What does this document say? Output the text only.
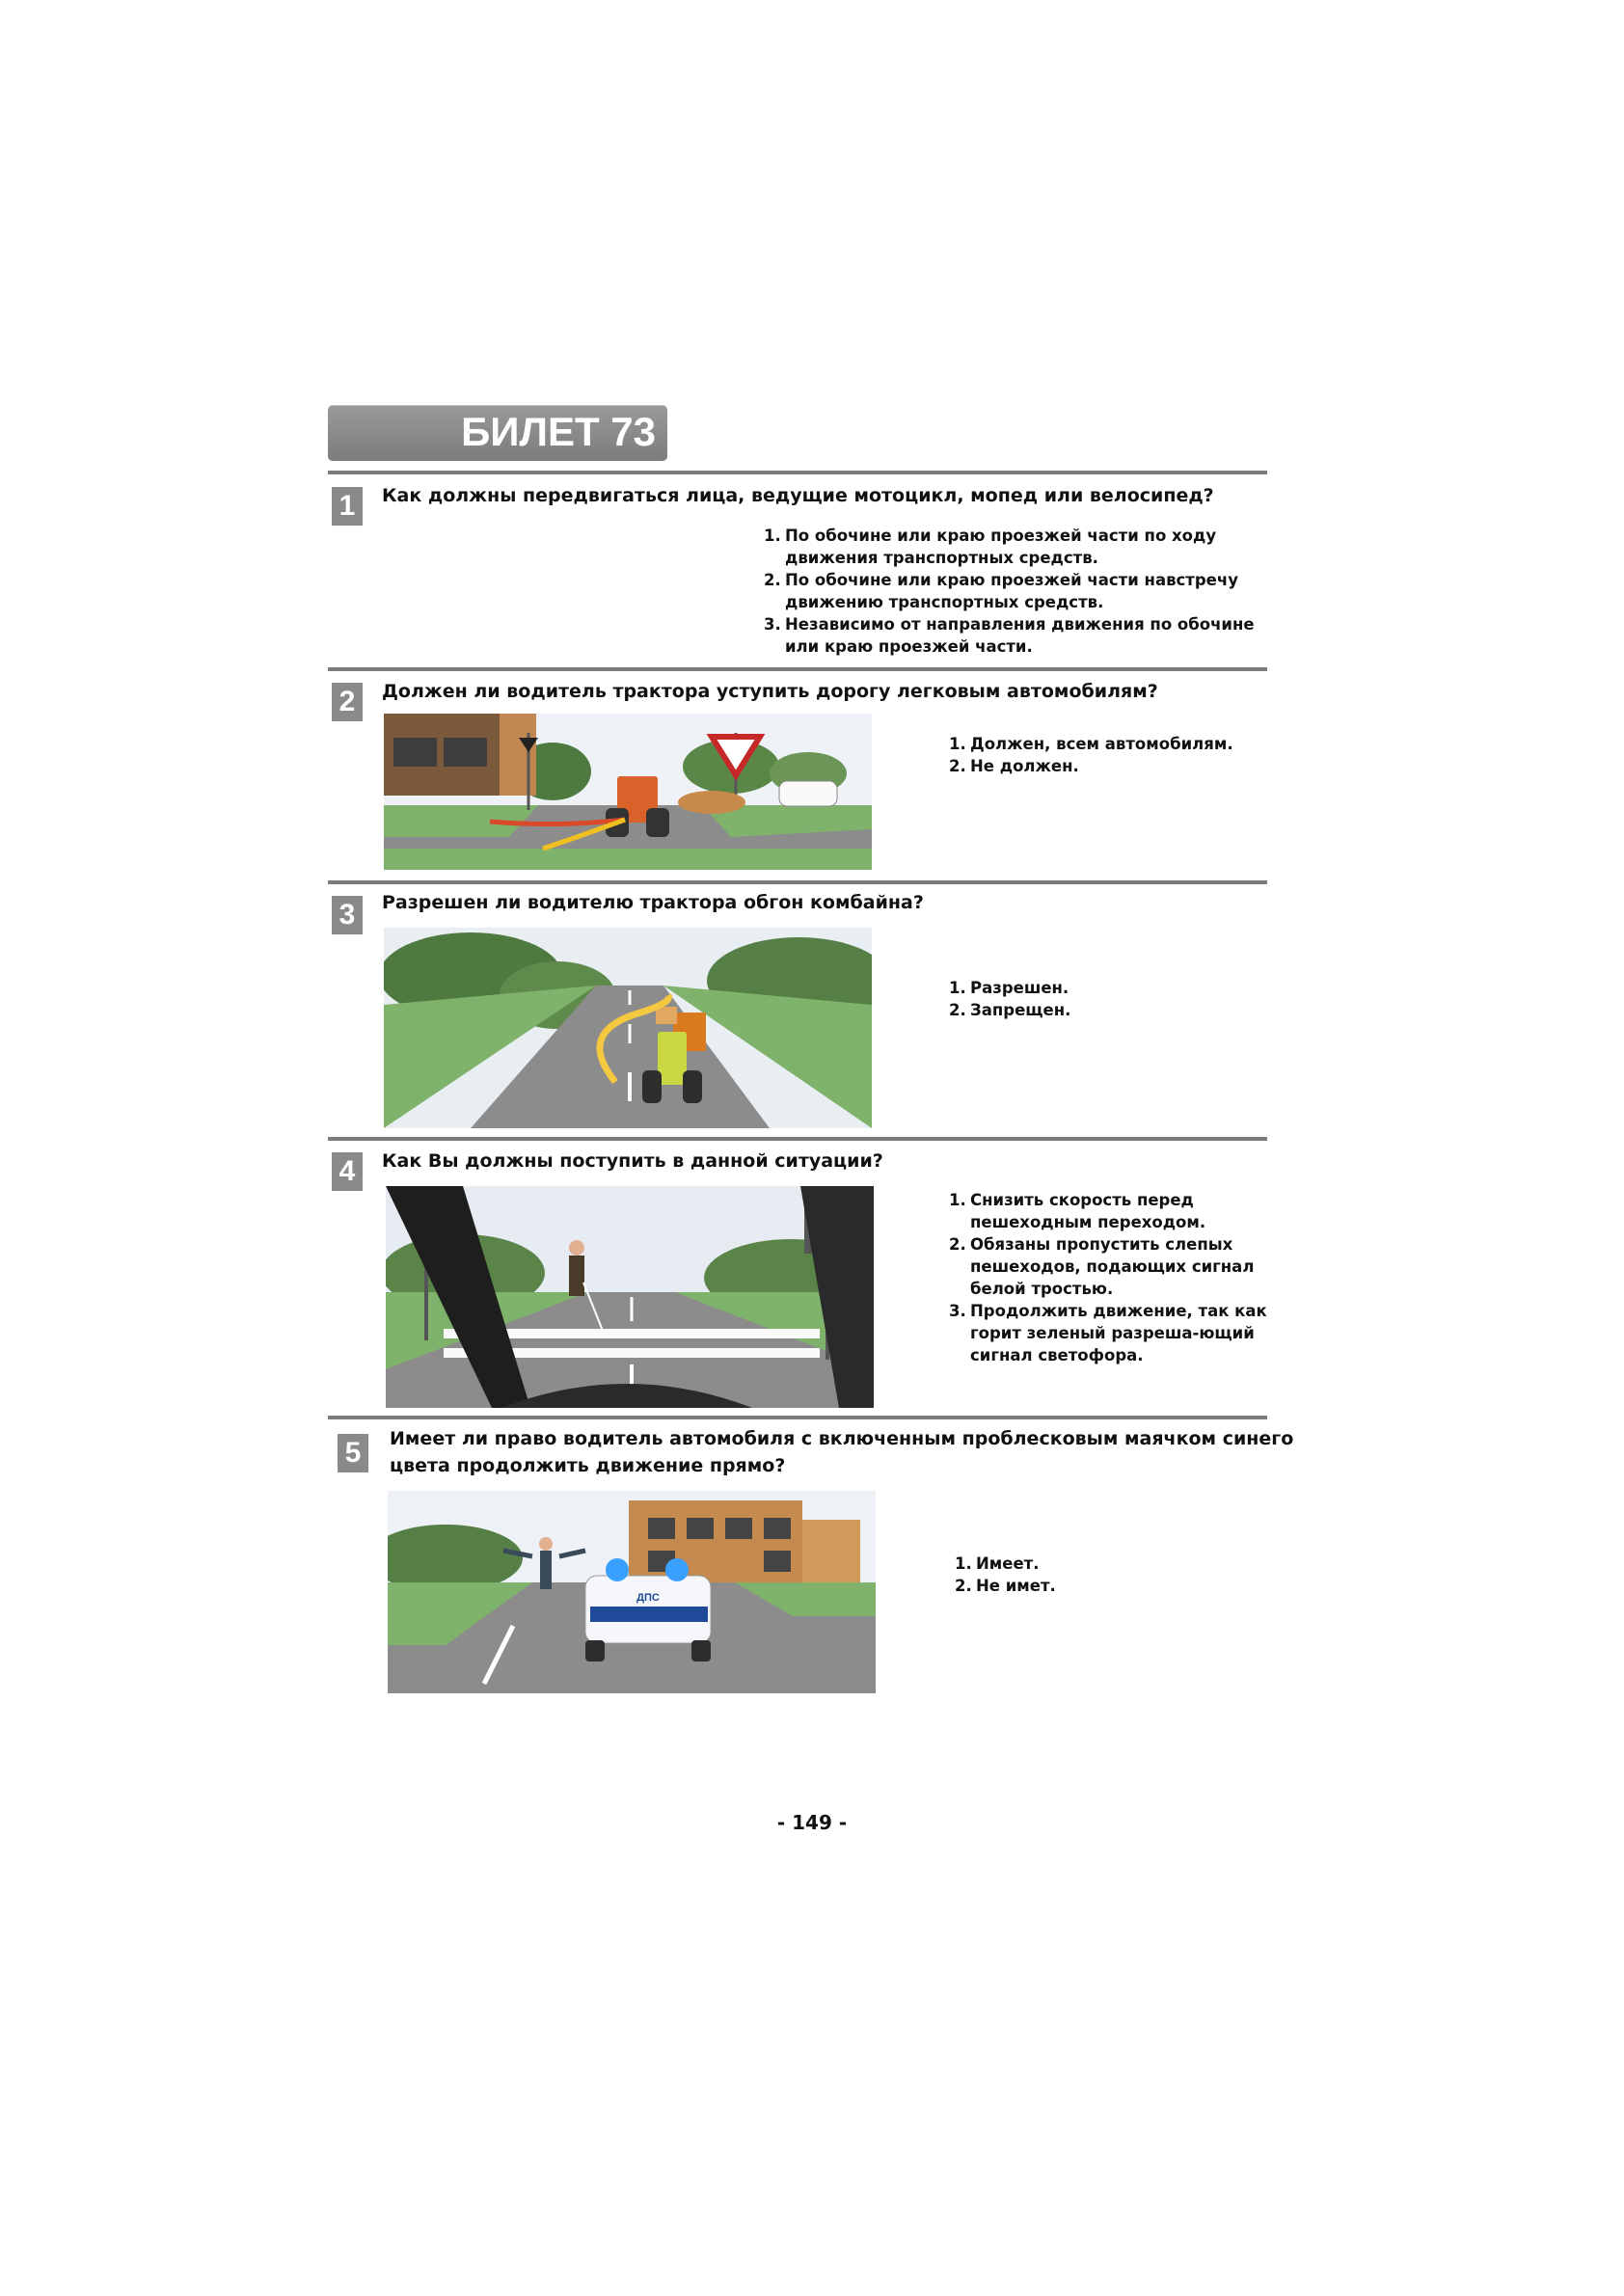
БИЛЕТ 73
1	Как должны передвигаться лица, ведущие мотоцикл, мопед или велосипед?
1. По обочине или краю проезжей части по ходу движения транспортных средств.
2. По обочине или краю проезжей части навстречу движению транспортных средств.
3. Независимо от направления движения по обочине или краю проезжей части.
2	Должен ли водитель трактора уступить дорогу легковым автомобилям?
1. Должен, всем автомобилям.
2. Не должен.
3	Разрешен ли водителю трактора обгон комбайна?
1. Разрешен.
2. Запрещен.
4	Как Вы должны поступить в данной ситуации?
1. Снизить скорость перед пешеходным переходом.
2. Обязаны пропустить слепых пешеходов, подающих сигнал белой тростью.
3. Продолжить движение, так как горит зеленый разреша-ющий сигнал светофора.
5	Имеет ли право водитель автомобиля с включенным проблесковым маячком синего цвета продолжить движение прямо?
ДПС
1. Имеет.
2. Не имет.
- 149 -
